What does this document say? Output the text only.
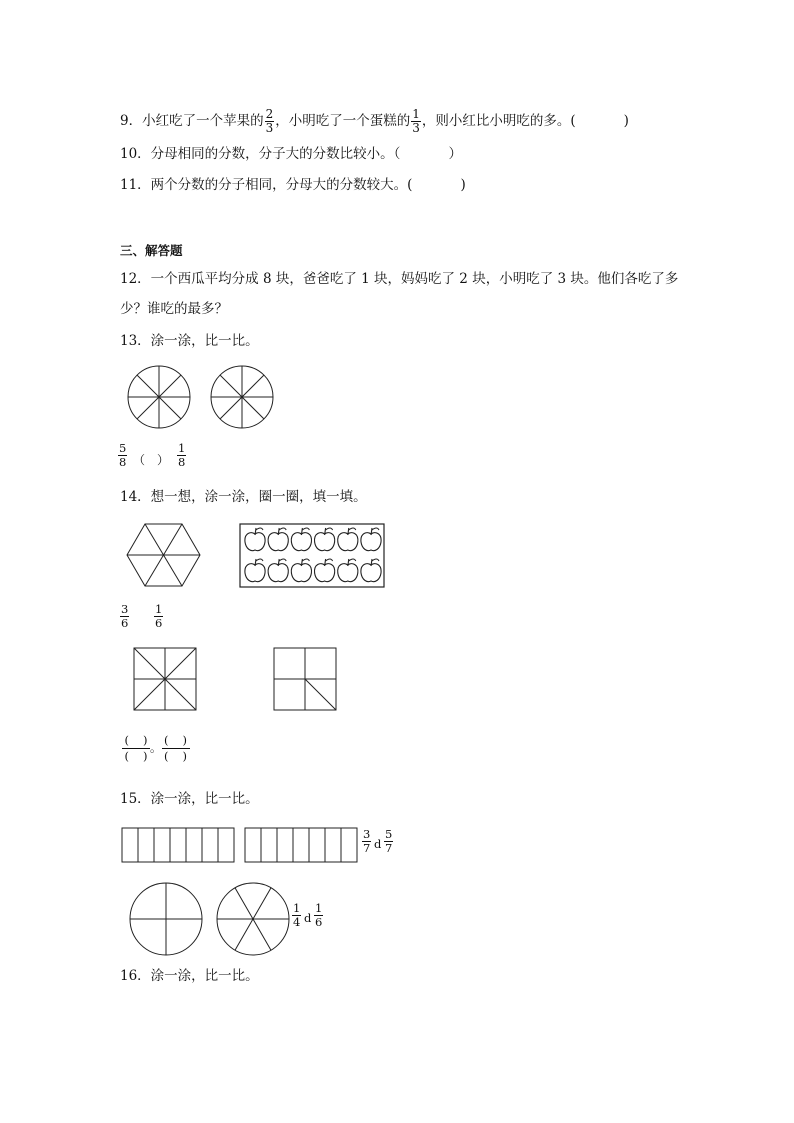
9．小红吃了一个苹果的 $\frac{2}{3}$ ，小明吃了一个蛋糕的 $\frac{1}{3}$ ，则小红比小明吃的多。(	)
10．分母相同的分数，分子大的分数比较小。（	）
11．两个分数的分子相同，分母大的分数较大。(	)
三、解答题
12．一个西瓜平均分成 8 块，爸爸吃了 1 块，妈妈吃了 2 块，小明吃了 3 块。他们各吃了多
少？谁吃的最多？
13．涂一涂，比一比。
$\frac{5}{8}$ （　） $\frac{1}{8}$
14．想一想，涂一涂，圈一圈，填一填。
$\frac{3}{6} \frac{1}{6}$
( )
( )
。
( )
( )
15．涂一涂，比一比。
$\frac{3}{7}$ d $\frac{5}{7}$
$\frac{1}{4}$ d $\frac{1}{6}$
16．涂一涂，比一比。
